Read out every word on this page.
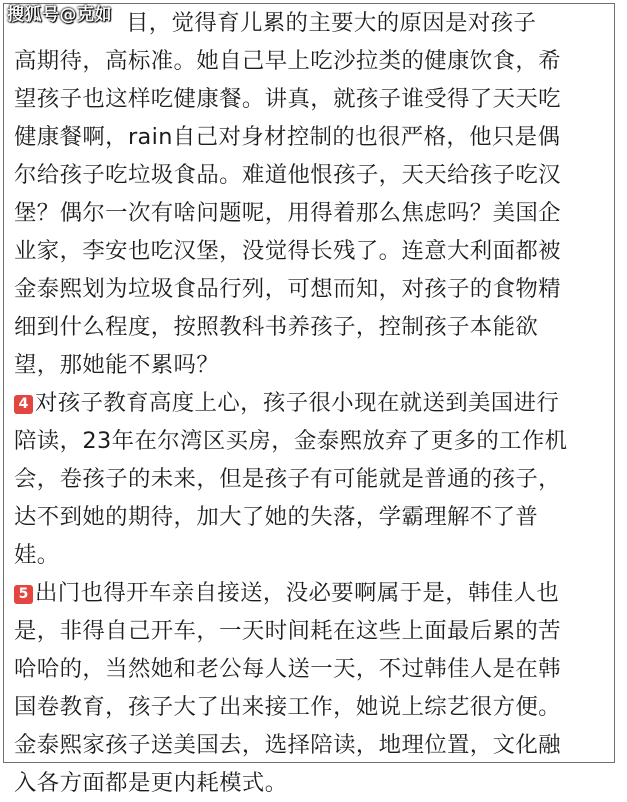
搜狐号@克如 目，觉得育儿累的主要大的原因是对孩子
高期待，高标准。她自己早上吃沙拉类的健康饮食，希
望孩子也这样吃健康餐。讲真，就孩子谁受得了天天吃
健康餐啊，rain自己对身材控制的也很严格，他只是偶
尔给孩子吃垃圾食品。难道他恨孩子，天天给孩子吃汉
堡？偶尔一次有啥问题呢，用得着那么焦虑吗？美国企
业家，李安也吃汉堡，没觉得长残了。连意大利面都被
金泰熙划为垃圾食品行列，可想而知，对孩子的食物精
细到什么程度，按照教科书养孩子，控制孩子本能欲
望，那她能不累吗？
4 对孩子教育高度上心，孩子很小现在就送到美国进行
陪读，23年在尔湾区买房，金泰熙放弃了更多的工作机
会，卷孩子的未来，但是孩子有可能就是普通的孩子，
达不到她的期待，加大了她的失落，学霸理解不了普
娃。
5 出门也得开车亲自接送，没必要啊属于是，韩佳人也
是，非得自己开车，一天时间耗在这些上面最后累的苦
哈哈的，当然她和老公每人送一天，不过韩佳人是在韩
国卷教育，孩子大了出来接工作，她说上综艺很方便。
金泰熙家孩子送美国去，选择陪读，地理位置，文化融
入各方面都是更内耗模式。
